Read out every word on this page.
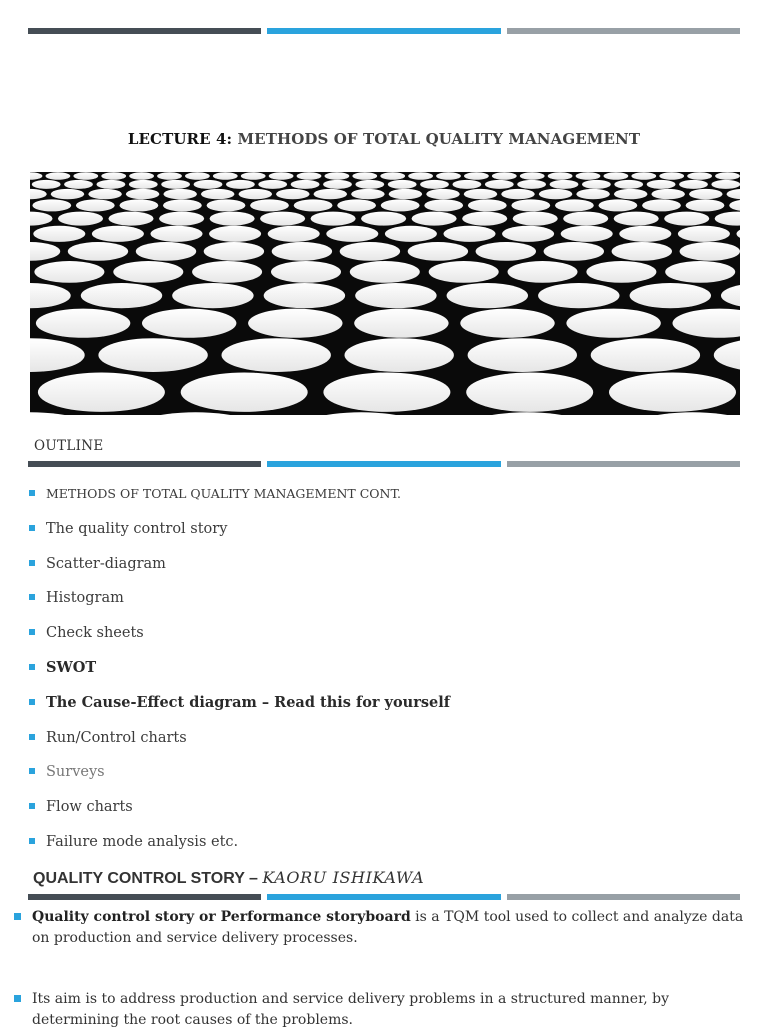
LECTURE 4: METHODS OF TOTAL QUALITY MANAGEMENT
OUTLINE
METHODS OF TOTAL QUALITY MANAGEMENT CONT.
The quality control story
Scatter-diagram
Histogram
Check sheets
SWOT
The Cause-Effect diagram – Read this for yourself
Run/Control charts
Surveys
Flow charts
Failure mode analysis etc.
QUALITY CONTROL STORY – KAORU ISHIKAWA
Quality control story or Performance storyboard is a TQM tool used to collect and analyze data on production and service delivery processes.
Its aim is to address production and service delivery problems in a structured manner, by determining the root causes of the problems.
